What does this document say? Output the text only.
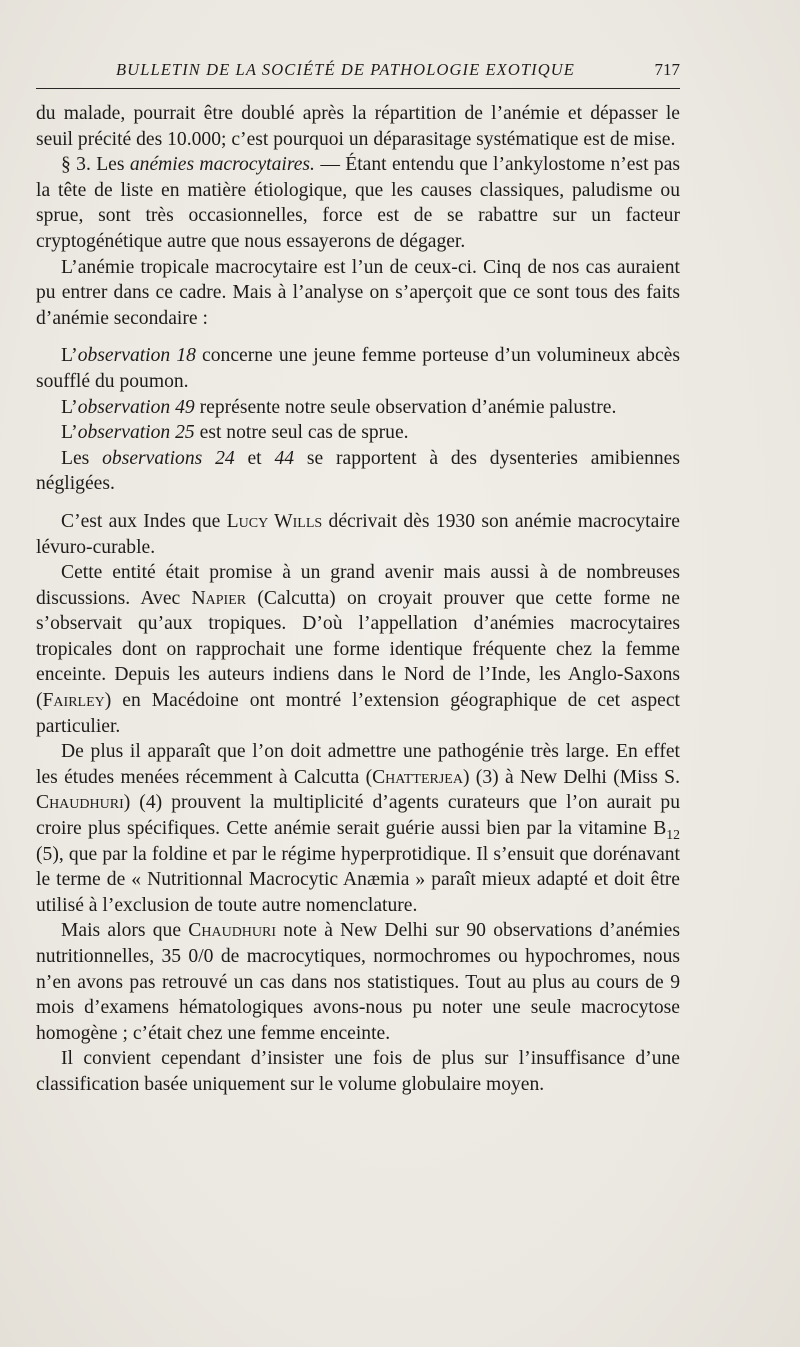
BULLETIN DE LA SOCIÉTÉ DE PATHOLOGIE EXOTIQUE	717

du malade, pourrait être doublé après la répartition de l’anémie et dépasser le seuil précité des 10.000; c’est pourquoi un déparasitage systématique est de mise.

§ 3. Les anémies macrocytaires. — Étant entendu que l’ankylostome n’est pas la tête de liste en matière étiologique, que les causes classiques, paludisme ou sprue, sont très occasionnelles, force est de se rabattre sur un facteur cryptogénétique autre que nous essayerons de dégager.

L’anémie tropicale macrocytaire est l’un de ceux-ci. Cinq de nos cas auraient pu entrer dans ce cadre. Mais à l’analyse on s’aperçoit que ce sont tous des faits d’anémie secondaire :

L’observation 18 concerne une jeune femme porteuse d’un volumineux abcès soufflé du poumon.

L’observation 49 représente notre seule observation d’anémie palustre.

L’observation 25 est notre seul cas de sprue.

Les observations 24 et 44 se rapportent à des dysenteries amibiennes négligées.

C’est aux Indes que Lucy Wills décrivait dès 1930 son anémie macrocytaire lévuro-curable.

Cette entité était promise à un grand avenir mais aussi à de nombreuses discussions. Avec Napier (Calcutta) on croyait prouver que cette forme ne s’observait qu’aux tropiques. D’où l’appellation d’anémies macrocytaires tropicales dont on rapprochait une forme identique fréquente chez la femme enceinte. Depuis les auteurs indiens dans le Nord de l’Inde, les Anglo-Saxons (Fairley) en Macédoine ont montré l’extension géographique de cet aspect particulier.

De plus il apparaît que l’on doit admettre une pathogénie très large. En effet les études menées récemment à Calcutta (Chatterjea) (3) à New Delhi (Miss S. Chaudhuri) (4) prouvent la multiplicité d’agents curateurs que l’on aurait pu croire plus spécifiques. Cette anémie serait guérie aussi bien par la vitamine $B_{12}$ (5), que par la foldine et par le régime hyperprotidique. Il s’ensuit que dorénavant le terme de « Nutritionnal Macrocytic Anæmia » paraît mieux adapté et doit être utilisé à l’exclusion de toute autre nomenclature.

Mais alors que Chaudhuri note à New Delhi sur 90 observations d’anémies nutritionnelles, 35 0/0 de macrocytiques, normochromes ou hypochromes, nous n’en avons pas retrouvé un cas dans nos statistiques. Tout au plus au cours de 9 mois d’examens hématologiques avons-nous pu noter une seule macrocytose homogène ; c’était chez une femme enceinte.

Il convient cependant d’insister une fois de plus sur l’insuffisance d’une classification basée uniquement sur le volume globulaire moyen.
